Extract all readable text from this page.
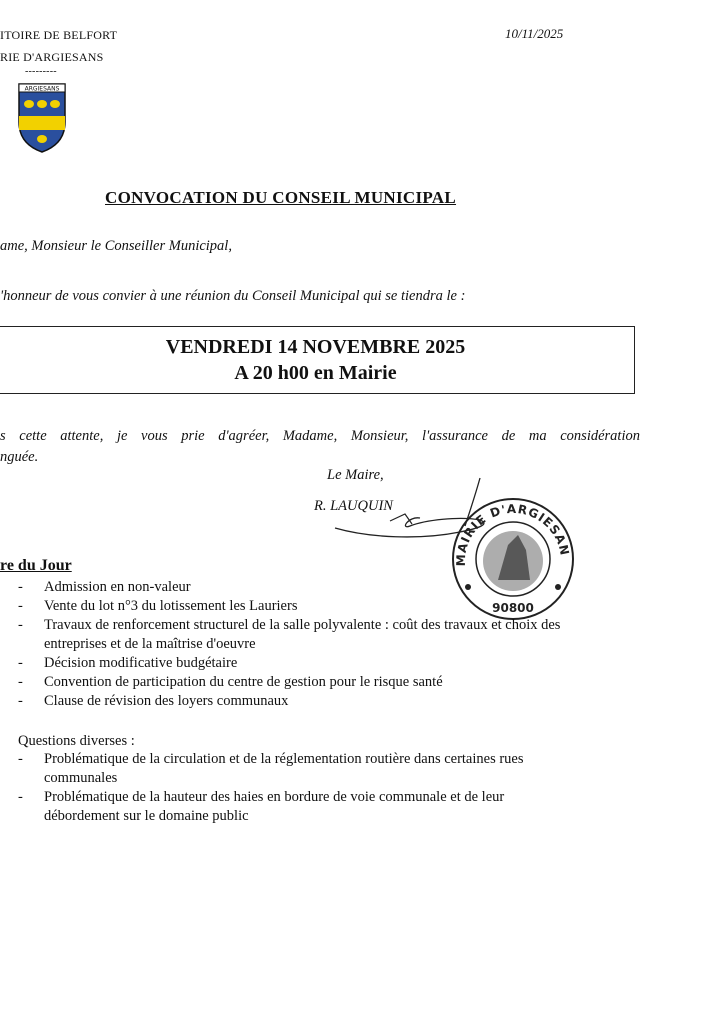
ITOIRE DE BELFORT
RIE D'ARGIESANS
---------
10/11/2025
ARGIESANS
CONVOCATION DU CONSEIL MUNICIPAL
ame, Monsieur le Conseiller Municipal,
'honneur de vous convier à une réunion du Conseil Municipal qui se tiendra le :
VENDREDI 14 NOVEMBRE 2025
A 20 h00 en Mairie
s cette attente, je vous prie d'agréer, Madame, Monsieur, l'assurance de ma considération
nguée.
Le Maire,
R. LAUQUIN
MAIRIE D'ARGIESAN
90800
re du Jour
- Admission en non-valeur
- Vente du lot n°3 du lotissement les Lauriers
- Travaux de renforcement structurel de la salle polyvalente : coût des travaux et choix des
entreprises et de la maîtrise d'oeuvre
- Décision modificative budgétaire
- Convention de participation du centre de gestion pour le risque santé
- Clause de révision des loyers communaux
Questions diverses :
- Problématique de la circulation et de la réglementation routière dans certaines rues
communales
- Problématique de la hauteur des haies en bordure de voie communale et de leur
débordement sur le domaine public
